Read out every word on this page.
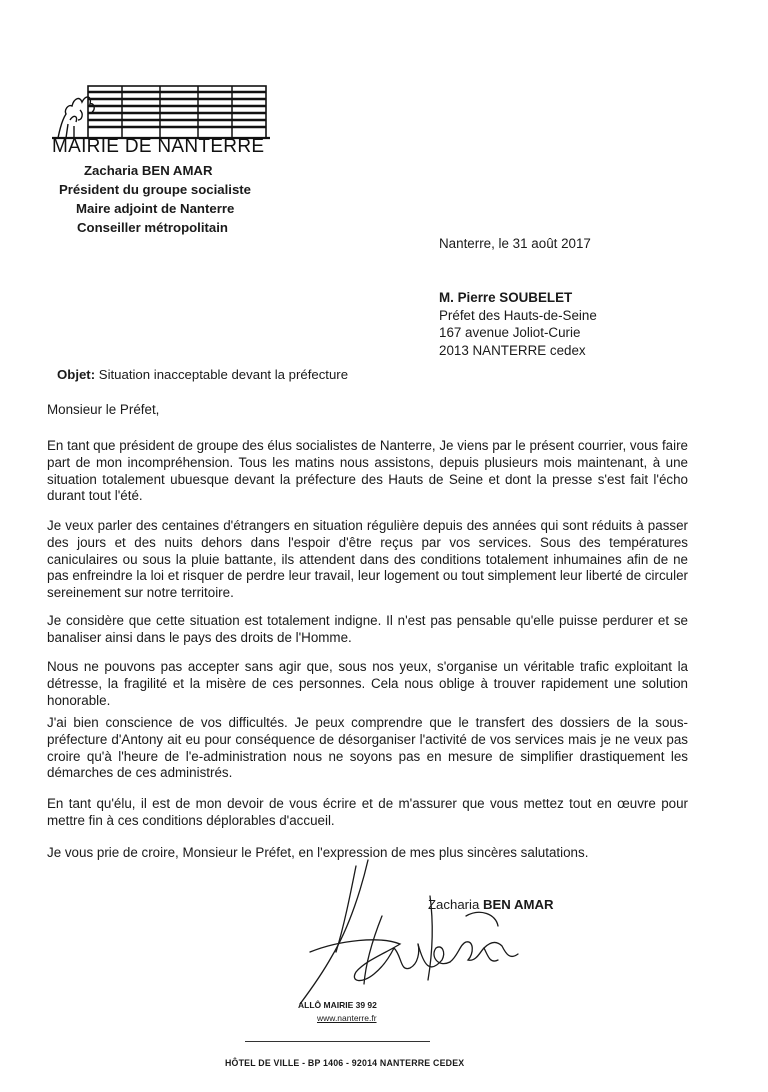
MAIRIE DE NANTERRE
Zacharia BEN AMAR
Président du groupe socialiste
Maire adjoint de Nanterre
Conseiller métropolitain
Nanterre, le 31 août 2017
M. Pierre SOUBELET
Préfet des Hauts-de-Seine
167 avenue Joliot-Curie
2013 NANTERRE cedex
Objet: Situation inacceptable devant la préfecture
Monsieur le Préfet,
En tant que président de groupe des élus socialistes de Nanterre, Je viens par le présent courrier, vous faire part de mon incompréhension. Tous les matins nous assistons, depuis plusieurs mois maintenant, à une situation totalement ubuesque devant la préfecture des Hauts de Seine et dont la presse s'est fait l'écho durant tout l'été.
Je veux parler des centaines d'étrangers en situation régulière depuis des années qui sont réduits à passer des jours et des nuits dehors dans l'espoir d'être reçus par vos services. Sous des températures caniculaires ou sous la pluie battante, ils attendent dans des conditions totalement inhumaines afin de ne pas enfreindre la loi et risquer de perdre leur travail, leur logement ou tout simplement leur liberté de circuler sereinement sur notre territoire.
Je considère que cette situation est totalement indigne. Il n'est pas pensable qu'elle puisse perdurer et se banaliser ainsi dans le pays des droits de l'Homme.
Nous ne pouvons pas accepter sans agir que, sous nos yeux, s'organise un véritable trafic exploitant la détresse, la fragilité et la misère de ces personnes. Cela nous oblige à trouver rapidement une solution honorable.
J'ai bien conscience de vos difficultés. Je peux comprendre que le transfert des dossiers de la sous-préfecture d'Antony ait eu pour conséquence de désorganiser l'activité de vos services mais je ne veux pas croire qu'à l'heure de l'e-administration nous ne soyons pas en mesure de simplifier drastiquement les démarches de ces administrés.
En tant qu'élu, il est de mon devoir de vous écrire et de m'assurer que vous mettez tout en œuvre pour mettre fin à ces conditions déplorables d'accueil.
Je vous prie de croire, Monsieur le Préfet, en l'expression de mes plus sincères salutations.
Zacharia BEN AMAR
ALLÔ MAIRIE 39 92
www.nanterre.fr
HÔTEL DE VILLE - BP 1406 - 92014 NANTERRE CEDEX
